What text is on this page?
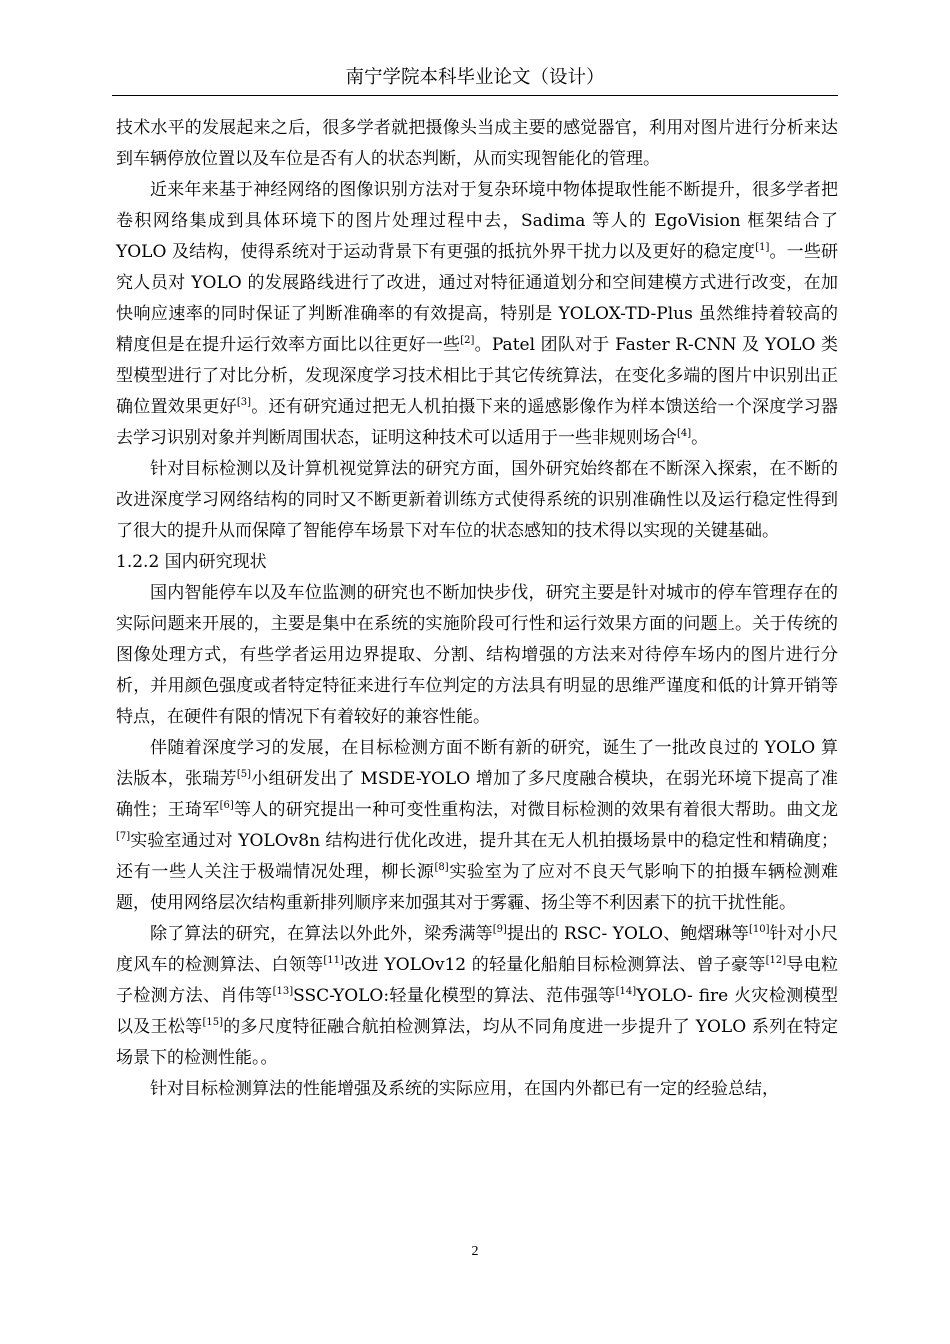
南宁学院本科毕业论文（设计）

技术水平的发展起来之后，很多学者就把摄像头当成主要的感觉器官，利用对图片进行分析来达到车辆停放位置以及车位是否有人的状态判断，从而实现智能化的管理。

近来年来基于神经网络的图像识别方法对于复杂环境中物体提取性能不断提升，很多学者把卷积网络集成到具体环境下的图片处理过程中去，Sadima 等人的 EgoVision 框架结合了 YOLO 及结构，使得系统对于运动背景下有更强的抵抗外界干扰力以及更好的稳定度[1]。一些研究人员对 YOLO 的发展路线进行了改进，通过对特征通道划分和空间建模方式进行改变，在加快响应速率的同时保证了判断准确率的有效提高，特别是 YOLOX-TD-Plus 虽然维持着较高的精度但是在提升运行效率方面比以往更好一些[2]。Patel 团队对于 Faster R-CNN 及 YOLO 类型模型进行了对比分析，发现深度学习技术相比于其它传统算法，在变化多端的图片中识别出正确位置效果更好[3]。还有研究通过把无人机拍摄下来的遥感影像作为样本馈送给一个深度学习器去学习识别对象并判断周围状态，证明这种技术可以适用于一些非规则场合[4]。

针对目标检测以及计算机视觉算法的研究方面，国外研究始终都在不断深入探索，在不断的改进深度学习网络结构的同时又不断更新着训练方式使得系统的识别准确性以及运行稳定性得到了很大的提升从而保障了智能停车场景下对车位的状态感知的技术得以实现的关键基础。

1.2.2 国内研究现状

国内智能停车以及车位监测的研究也不断加快步伐，研究主要是针对城市的停车管理存在的实际问题来开展的，主要是集中在系统的实施阶段可行性和运行效果方面的问题上。关于传统的图像处理方式，有些学者运用边界提取、分割、结构增强的方法来对待停车场内的图片进行分析，并用颜色强度或者特定特征来进行车位判定的方法具有明显的思维严谨度和低的计算开销等特点，在硬件有限的情况下有着较好的兼容性能。

伴随着深度学习的发展，在目标检测方面不断有新的研究，诞生了一批改良过的 YOLO 算法版本，张瑞芳[5]小组研发出了 MSDE-YOLO 增加了多尺度融合模块，在弱光环境下提高了准确性；王琦军[6]等人的研究提出一种可变性重构法，对微目标检测的效果有着很大帮助。曲文龙[7]实验室通过对 YOLOv8n 结构进行优化改进，提升其在无人机拍摄场景中的稳定性和精确度；还有一些人关注于极端情况处理，柳长源[8]实验室为了应对不良天气影响下的拍摄车辆检测难题，使用网络层次结构重新排列顺序来加强其对于雾霾、扬尘等不利因素下的抗干扰性能。

除了算法的研究，在算法以外此外，梁秀满等[9]提出的 RSC- YOLO、鲍熠琳等[10]针对小尺度风车的检测算法、白领等[11]改进 YOLOv12 的轻量化船舶目标检测算法、曾子豪等[12]导电粒子检测方法、肖伟等[13]SSC-YOLO:轻量化模型的算法、范伟强等[14]YOLO- fire 火灾检测模型以及王松等[15]的多尺度特征融合航拍检测算法，均从不同角度进一步提升了 YOLO 系列在特定场景下的检测性能。。

针对目标检测算法的性能增强及系统的实际应用，在国内外都已有一定的经验总结，

2
